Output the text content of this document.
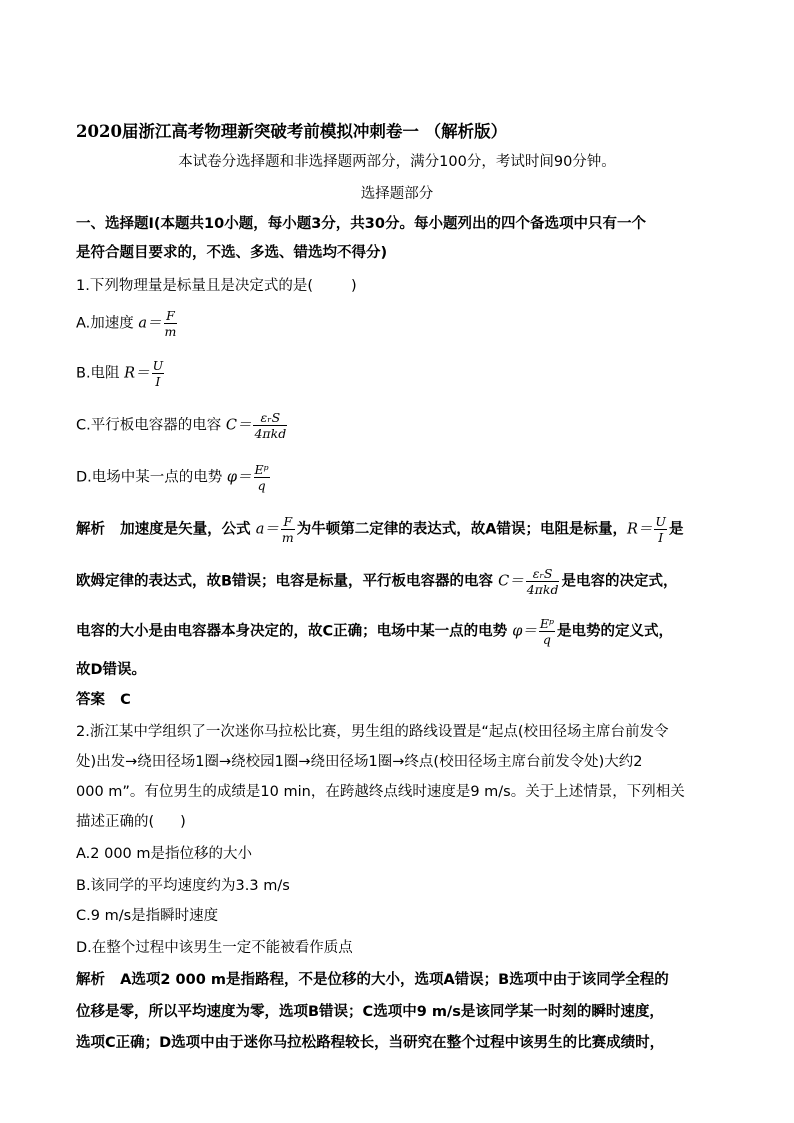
2020届浙江高考物理新突破考前模拟冲刺卷一 （解析版）
本试卷分选择题和非选择题两部分，满分100分，考试时间90分钟。
选择题部分
一、选择题Ⅰ(本题共10小题，每小题3分，共30分。每小题列出的四个备选项中只有一个
是符合题目要求的，不选、多选、错选均不得分)
1.下列物理量是标量且是决定式的是(	)
A.加速度 $a= \frac{F}{m}$
B.电阻 $R= \frac{U}{I}$
C.平行板电容器的电容 $C= \frac{\text{εᵣS}}{\text{4πkd}}$
D.电场中某一点的电势 $\varphi= \frac{\text{Eᵖ}}{q}$
解析 加速度是矢量，公式 $a= \frac{F}{m}$ 为牛顿第二定律的表达式，故A错误；电阻是标量，$R= \frac{U}{I}$ 是
欧姆定律的表达式，故B错误；电容是标量，平行板电容器的电容 $C= \frac{\text{εᵣS}}{\text{4πkd}}$ 是电容的决定式，
电容的大小是由电容器本身决定的，故C正确；电场中某一点的电势 $\varphi= \frac{\text{Eᵖ}}{q}$ 是电势的定义式，
故D错误。
答案 C
2.浙江某中学组织了一次迷你马拉松比赛，男生组的路线设置是“起点(校田径场主席台前发令
处)出发→绕田径场1圈→绕校园1圈→绕田径场1圈→终点(校田径场主席台前发令处)大约2
000 m”。有位男生的成绩是10 min，在跨越终点线时速度是9 m/s。关于上述情景，下列相关
描述正确的( )
A.2 000 m是指位移的大小
B.该同学的平均速度约为3.3 m/s
C.9 m/s是指瞬时速度
D.在整个过程中该男生一定不能被看作质点
解析 A选项2 000 m是指路程，不是位移的大小，选项A错误；B选项中由于该同学全程的
位移是零，所以平均速度为零，选项B错误；C选项中9 m/s是该同学某一时刻的瞬时速度，
选项C正确；D选项中由于迷你马拉松路程较长，当研究在整个过程中该男生的比赛成绩时，
